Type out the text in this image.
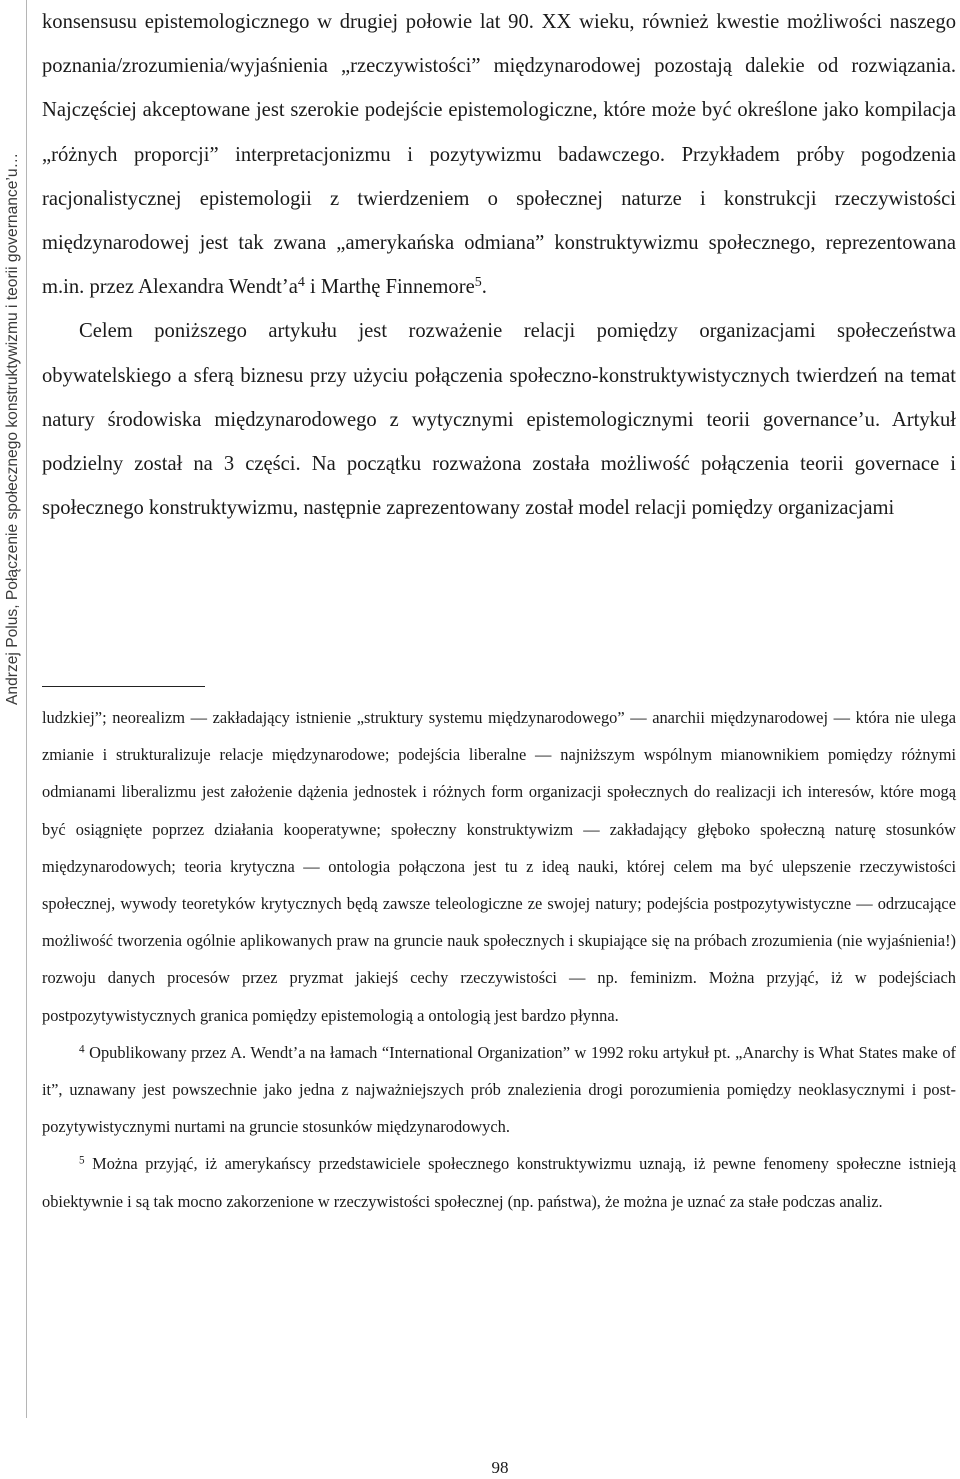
Andrzej Polus, Połączenie społecznego konstruktywizmu i teorii governance’u…

konsensusu epistemologicznego w drugiej połowie lat 90. XX wieku, również kwestie możliwości naszego poznania/zrozumienia/wyjaśnienia „rzeczywistości” międzynarodowej pozostają dalekie od rozwiązania. Najczęściej akceptowane jest szerokie podejście epistemologiczne, które może być określone jako kompilacja „różnych proporcji” interpretacjonizmu i pozytywizmu badawczego. Przykładem próby pogodzenia racjonalistycznej epistemologii z twierdzeniem o społecznej naturze i konstrukcji rzeczywistości międzynarodowej jest tak zwana „amerykańska odmiana” konstruktywizmu społecznego, reprezentowana m.in. przez Alexandra $Wendt’a^4$ i Marthę Finnemore$^5$.

Celem poniższego artykułu jest rozważenie relacji pomiędzy organizacjami społeczeństwa obywatelskiego a sferą biznesu przy użyciu połączenia społeczno-konstruktywistycznych twierdzeń na temat natury środowiska międzynarodowego z wytycznymi epistemologicznymi teorii governance’u. Artykuł podzielny został na 3 części. Na początku rozważona została możliwość połączenia teorii governace i społecznego konstruktywizmu, następnie zaprezentowany został model relacji pomiędzy organizacjami

ludzkiej”; neorealizm — zakładający istnienie „struktury systemu międzynarodowego” — anarchii międzynarodowej — która nie ulega zmianie i strukturalizuje relacje międzynarodowe; podejścia liberalne — najniższym wspólnym mianownikiem pomiędzy różnymi odmianami liberalizmu jest założenie dążenia jednostek i różnych form organizacji społecznych do realizacji ich interesów, które mogą być osiągnięte poprzez działania kooperatywne; społeczny konstruktywizm — zakładający głęboko społeczną naturę stosunków międzynarodowych; teoria krytyczna — ontologia połączona jest tu z ideą nauki, której celem ma być ulepszenie rzeczywistości społecznej, wywody teoretyków krytycznych będą zawsze teleologiczne ze swojej natury; podejścia postpozytywistyczne — odrzucające możliwość tworzenia ogólnie aplikowanych praw na gruncie nauk społecznych i skupiające się na próbach zrozumienia (nie wyjaśnienia!) rozwoju danych procesów przez pryzmat jakiejś cechy rzeczywistości — np. feminizm. Można przyjąć, iż w podejściach postpozytywistycznych granica pomiędzy epistemologią a ontologią jest bardzo płynna.

$^4$ Opublikowany przez A. Wendt’a na łamach “International Organization” w 1992 roku artykuł pt. „Anarchy is What States make of it”, uznawany jest powszechnie jako jedna z najważniejszych prób znalezienia drogi porozumienia pomiędzy neoklasycznymi i post-pozytywistycznymi nurtami na gruncie stosunków międzynarodowych.

$^5$ Można przyjąć, iż amerykańscy przedstawiciele społecznego konstruktywizmu uznają, iż pewne fenomeny społeczne istnieją obiektywnie i są tak mocno zakorzenione w rzeczywistości społecznej (np. państwa), że można je uznać za stałe podczas analiz.

98
